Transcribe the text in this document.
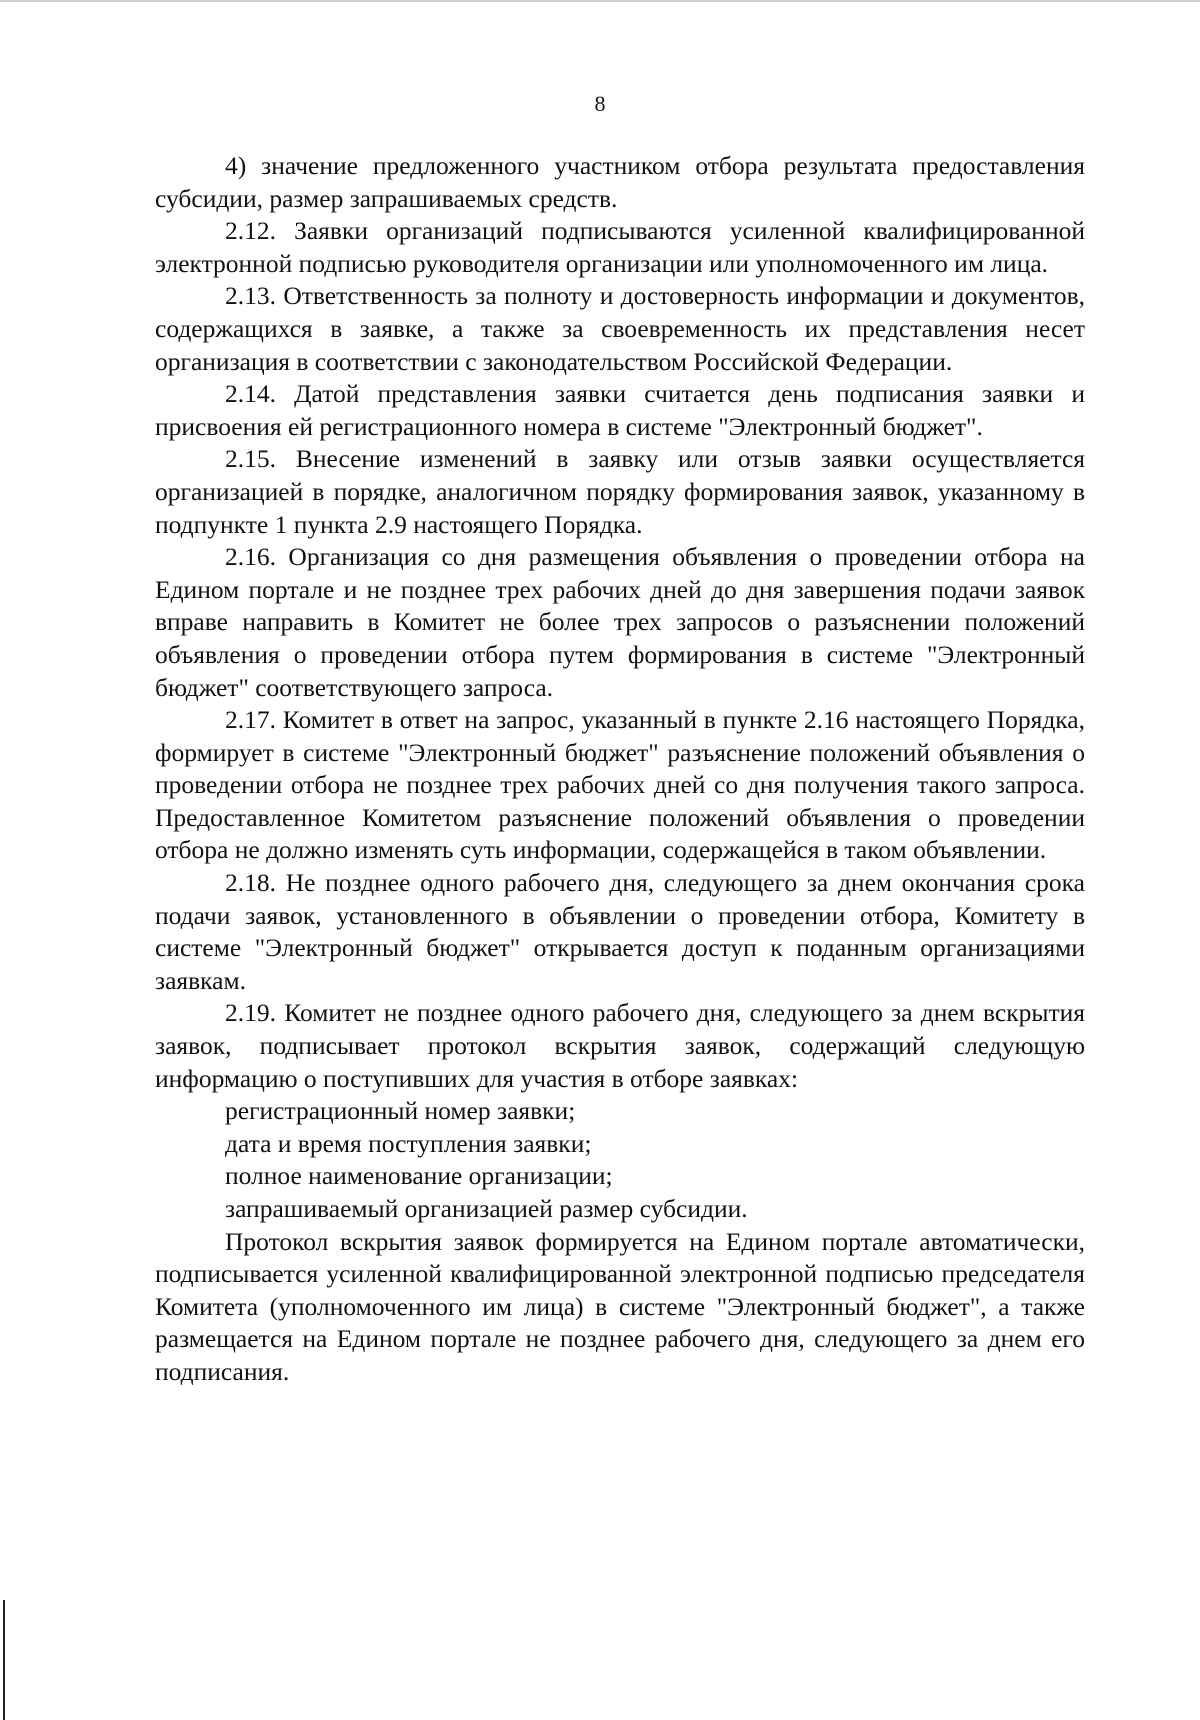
8

4) значение предложенного участником отбора результата предоставления субсидии, размер запрашиваемых средств.

2.12. Заявки организаций подписываются усиленной квалифицированной электронной подписью руководителя организации или уполномоченного им лица.

2.13. Ответственность за полноту и достоверность информации и документов, содержащихся в заявке, а также за своевременность их представления несет организация в соответствии с законодательством Российской Федерации.

2.14. Датой представления заявки считается день подписания заявки и присвоения ей регистрационного номера в системе "Электронный бюджет".

2.15. Внесение изменений в заявку или отзыв заявки осуществляется организацией в порядке, аналогичном порядку формирования заявок, указанному в подпункте 1 пункта 2.9 настоящего Порядка.

2.16. Организация со дня размещения объявления о проведении отбора на Едином портале и не позднее трех рабочих дней до дня завершения подачи заявок вправе направить в Комитет не более трех запросов о разъяснении положений объявления о проведении отбора путем формирования в системе "Электронный бюджет" соответствующего запроса.

2.17. Комитет в ответ на запрос, указанный в пункте 2.16 настоящего Порядка, формирует в системе "Электронный бюджет" разъяснение положений объявления о проведении отбора не позднее трех рабочих дней со дня получения такого запроса. Предоставленное Комитетом разъяснение положений объявления о проведении отбора не должно изменять суть информации, содержащейся в таком объявлении.

2.18. Не позднее одного рабочего дня, следующего за днем окончания срока подачи заявок, установленного в объявлении о проведении отбора, Комитету в системе "Электронный бюджет" открывается доступ к поданным организациями заявкам.

2.19. Комитет не позднее одного рабочего дня, следующего за днем вскрытия заявок, подписывает протокол вскрытия заявок, содержащий следующую информацию о поступивших для участия в отборе заявках:

регистрационный номер заявки;

дата и время поступления заявки;

полное наименование организации;

запрашиваемый организацией размер субсидии.

Протокол вскрытия заявок формируется на Едином портале автоматически, подписывается усиленной квалифицированной электронной подписью председателя Комитета (уполномоченного им лица) в системе "Электронный бюджет", а также размещается на Едином портале не позднее рабочего дня, следующего за днем его подписания.
